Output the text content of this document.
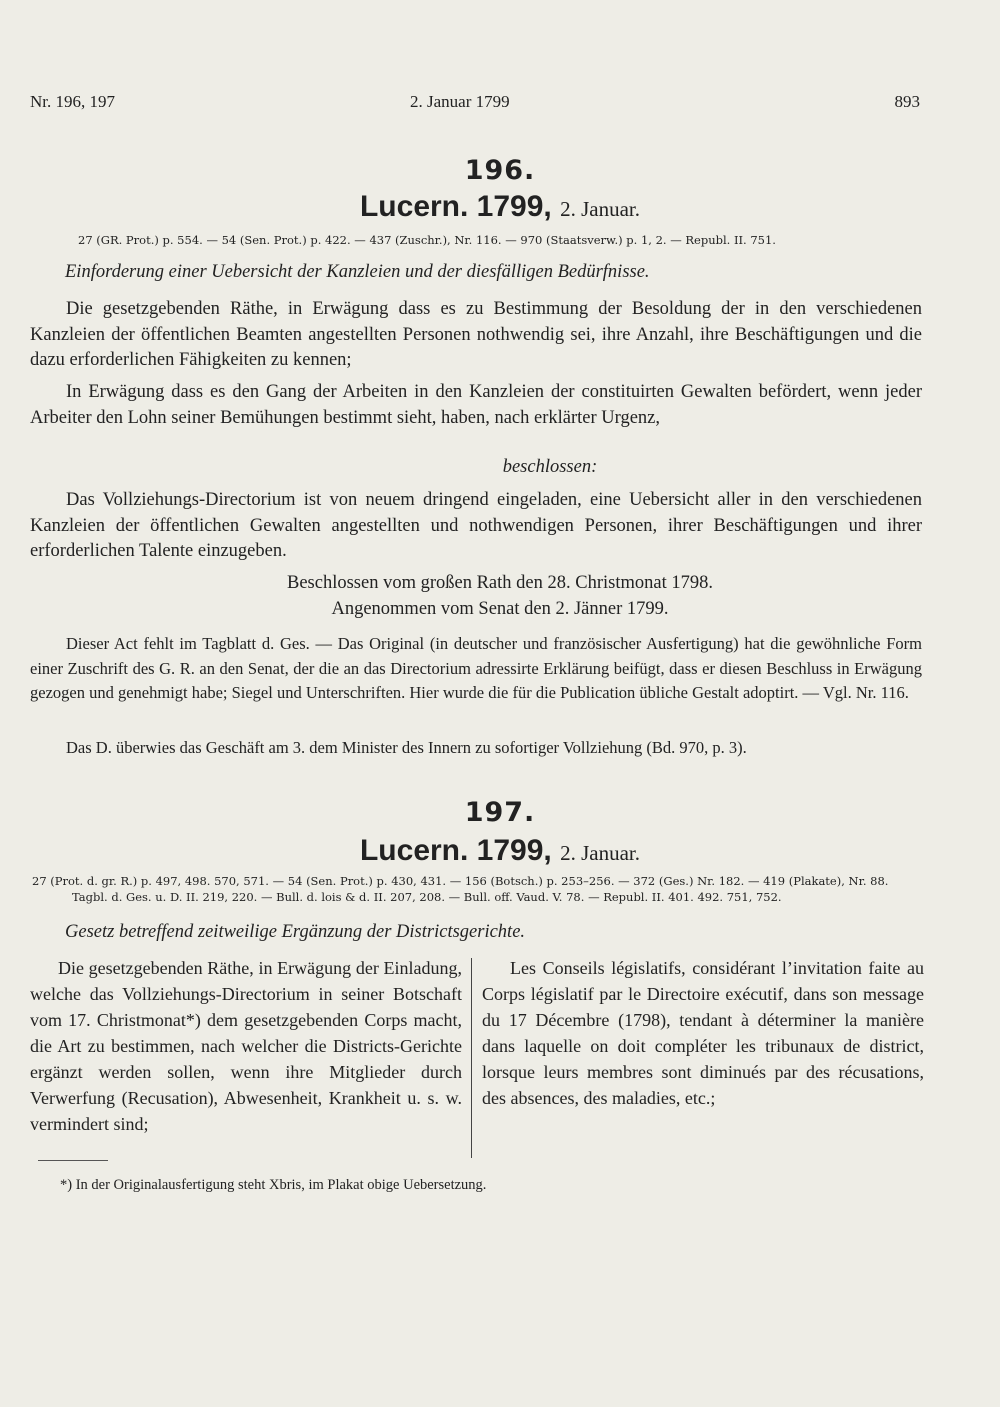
Nr. 196, 197	2. Januar 1799	893
196.
Lucern. 1799, 2. Januar.
27 (GR. Prot.) p. 554. — 54 (Sen. Prot.) p. 422. — 437 (Zuschr.), Nr. 116. — 970 (Staatsverw.) p. 1, 2. — Republ. II. 751.
Einforderung einer Uebersicht der Kanzleien und der diesfälligen Bedürfnisse.
Die gesetzgebenden Räthe, in Erwägung dass es zu Bestimmung der Besoldung der in den verschiedenen Kanzleien der öffentlichen Beamten angestellten Personen nothwendig sei, ihre Anzahl, ihre Beschäftigungen und die dazu erforderlichen Fähigkeiten zu kennen;
In Erwägung dass es den Gang der Arbeiten in den Kanzleien der constituirten Gewalten befördert, wenn jeder Arbeiter den Lohn seiner Bemühungen bestimmt sieht, haben, nach erklärter Urgenz,
beschlossen:
Das Vollziehungs-Directorium ist von neuem dringend eingeladen, eine Uebersicht aller in den verschiedenen Kanzleien der öffentlichen Gewalten angestellten und nothwendigen Personen, ihrer Beschäftigungen und ihrer erforderlichen Talente einzugeben.
Beschlossen vom großen Rath den 28. Christmonat 1798.
Angenommen vom Senat den 2. Jänner 1799.
Dieser Act fehlt im Tagblatt d. Ges. — Das Original (in deutscher und französischer Ausfertigung) hat die gewöhnliche Form einer Zuschrift des G. R. an den Senat, der die an das Directorium adressirte Erklärung beifügt, dass er diesen Beschluss in Erwägung gezogen und genehmigt habe; Siegel und Unterschriften. Hier wurde die für die Publication übliche Gestalt adoptirt. — Vgl. Nr. 116.
Das D. überwies das Geschäft am 3. dem Minister des Innern zu sofortiger Vollziehung (Bd. 970, p. 3).
197.
Lucern. 1799, 2. Januar.
27 (Prot. d. gr. R.) p. 497, 498. 570, 571. — 54 (Sen. Prot.) p. 430, 431. — 156 (Botsch.) p. 253–256. — 372 (Ges.) Nr. 182. — 419 (Plakate), Nr. 88.
Tagbl. d. Ges. u. D. II. 219, 220. — Bull. d. lois & d. II. 207, 208. — Bull. off. Vaud. V. 78. — Republ. II. 401. 492. 751, 752.
Gesetz betreffend zeitweilige Ergänzung der Districtsgerichte.
Die gesetzgebenden Räthe, in Erwägung der Einladung, welche das Vollziehungs-Directorium in seiner Botschaft vom 17. Christmonat*) dem gesetzgebenden Corps macht, die Art zu bestimmen, nach welcher die Districts-Gerichte ergänzt werden sollen, wenn ihre Mitglieder durch Verwerfung (Recusation), Abwesenheit, Krankheit u. s. w. vermindert sind;
Les Conseils législatifs, considérant l’invitation faite au Corps législatif par le Directoire exécutif, dans son message du 17 Décembre (1798), tendant à déterminer la manière dans laquelle on doit compléter les tribunaux de district, lorsque leurs membres sont diminués par des récusations, des absences, des maladies, etc.;
*) In der Originalausfertigung steht Xbris, im Plakat obige Uebersetzung.
